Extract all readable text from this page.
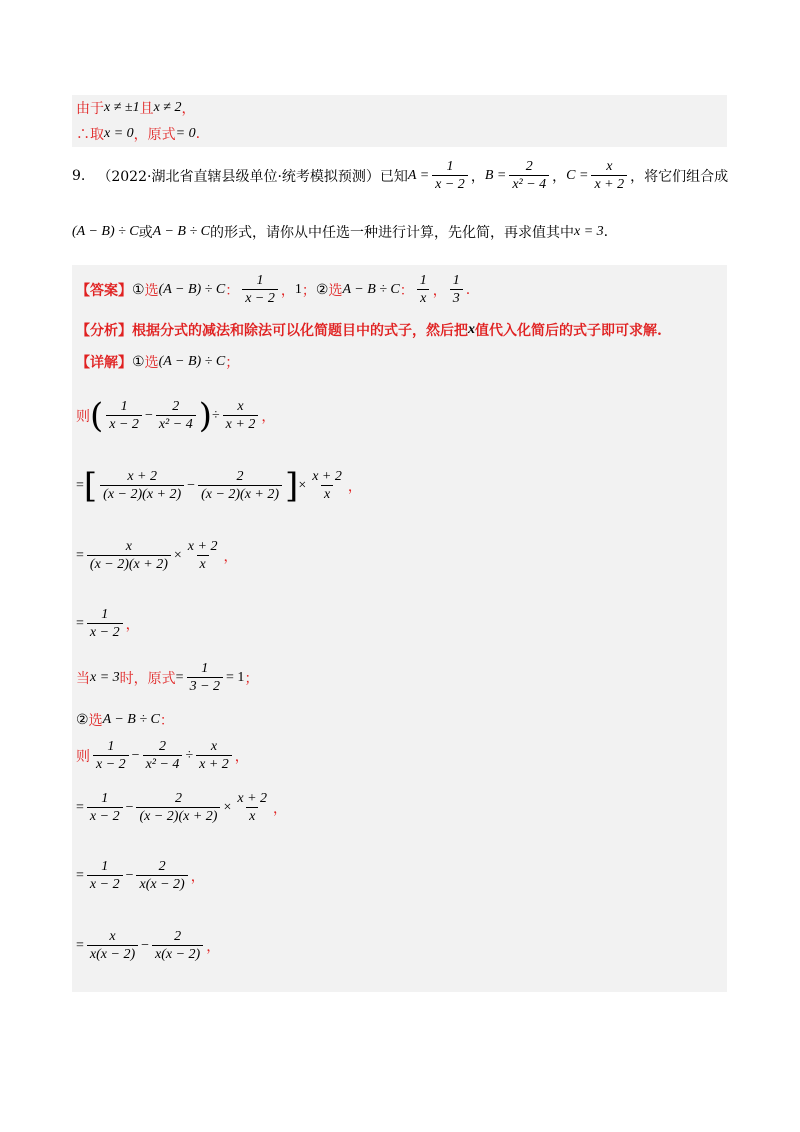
由于 x ≠ ±1 且 x ≠ 2 ，
∴取 x = 0 ，原式 = 0 .
9. （2022·湖北省直辖县级单位·统考模拟预测）已知 $A = \frac{1}{x - 2}$ ， $B = \frac{2}{\text{x² − 4}}$ ， $C = \frac{x}{x + 2}$ ，将它们组合成
(A − B) ÷ C 或 A − B ÷ C 的形式，请你从中任选一种进行计算，先化简，再求值其中 x = 3 .
【答案】 ① 选 (A − B) ÷ C ： $\frac{1}{x - 2}$ ， 1 ； ② 选 A − B ÷ C ： $\frac{1}{x}$ ， $\frac{1}{3}$ .
【分析】 根据分式的减法和除法可以化简题目中的式子，然后把 x 值代入化简后的式子即可求解.
【详解】 ① 选 (A − B) ÷ C ；
则 ( $\frac{1}{x - 2} - \frac{2}{\text{x² − 4}}$ ) ÷ $\frac{x}{x + 2}$ ，
= [ $\frac{x + 2}{(x - 2)(x + 2)} - \frac{2}{(x - 2)(x + 2)}$ ] × $\frac{x + 2}{x}$ ，
= $\frac{x}{(x - 2)(x + 2)} \times \frac{x + 2}{x}$ ，
= $\frac{1}{x - 2}$ ，
当 x = 3 时，原式 = $\frac{1}{3 - 2} = 1$ ；
② 选 A − B ÷ C ：
则 $\frac{1}{x - 2} - \frac{2}{\text{x² − 4}} \div \frac{x}{x + 2}$ ，
= $\frac{1}{x - 2} - \frac{2}{(x - 2)(x + 2)} \times \frac{x + 2}{x}$ ，
= $\frac{1}{x - 2} - \frac{2}{x(x - 2)}$ ，
= $\frac{x}{x(x - 2)} - \frac{2}{x(x - 2)}$ ，
